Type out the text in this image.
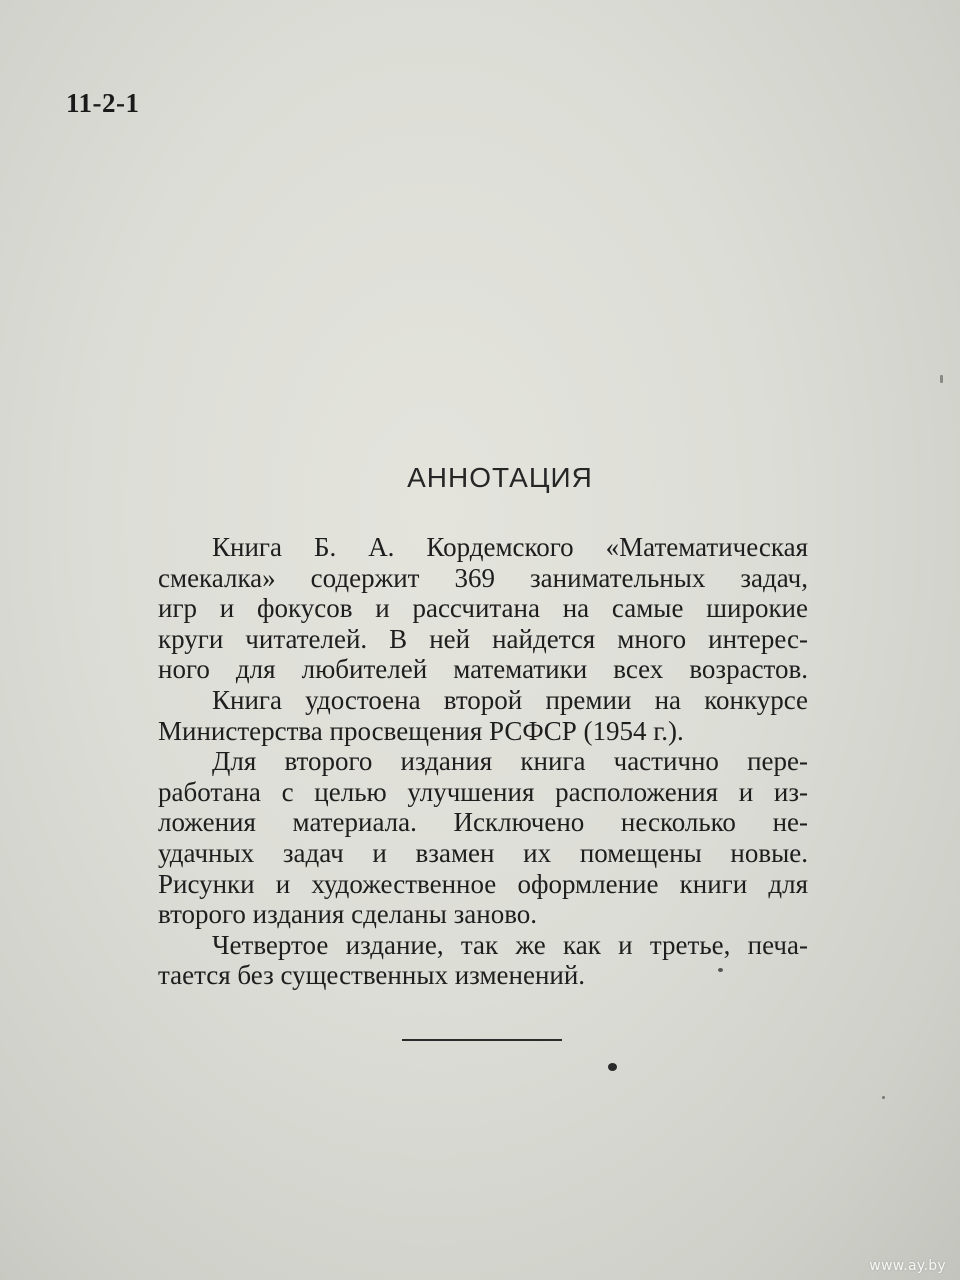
11-2-1
АННОТАЦИЯ
Книга Б. А. Кордемского «Математическая
смекалка» содержит 369 занимательных задач,
игр и фокусов и рассчитана на самые широкие
круги читателей. В ней найдется много интерес-
ного для любителей математики всех возрастов.
Книга удостоена второй премии на конкурсе
Министерства просвещения РСФСР (1954 г.).
Для второго издания книга частично пере-
работана с целью улучшения расположения и из-
ложения материала. Исключено несколько не-
удачных задач и взамен их помещены новые.
Рисунки и художественное оформление книги для
второго издания сделаны заново.
Четвертое издание, так же как и третье, печа-
тается без существенных изменений.
www.ay.by
